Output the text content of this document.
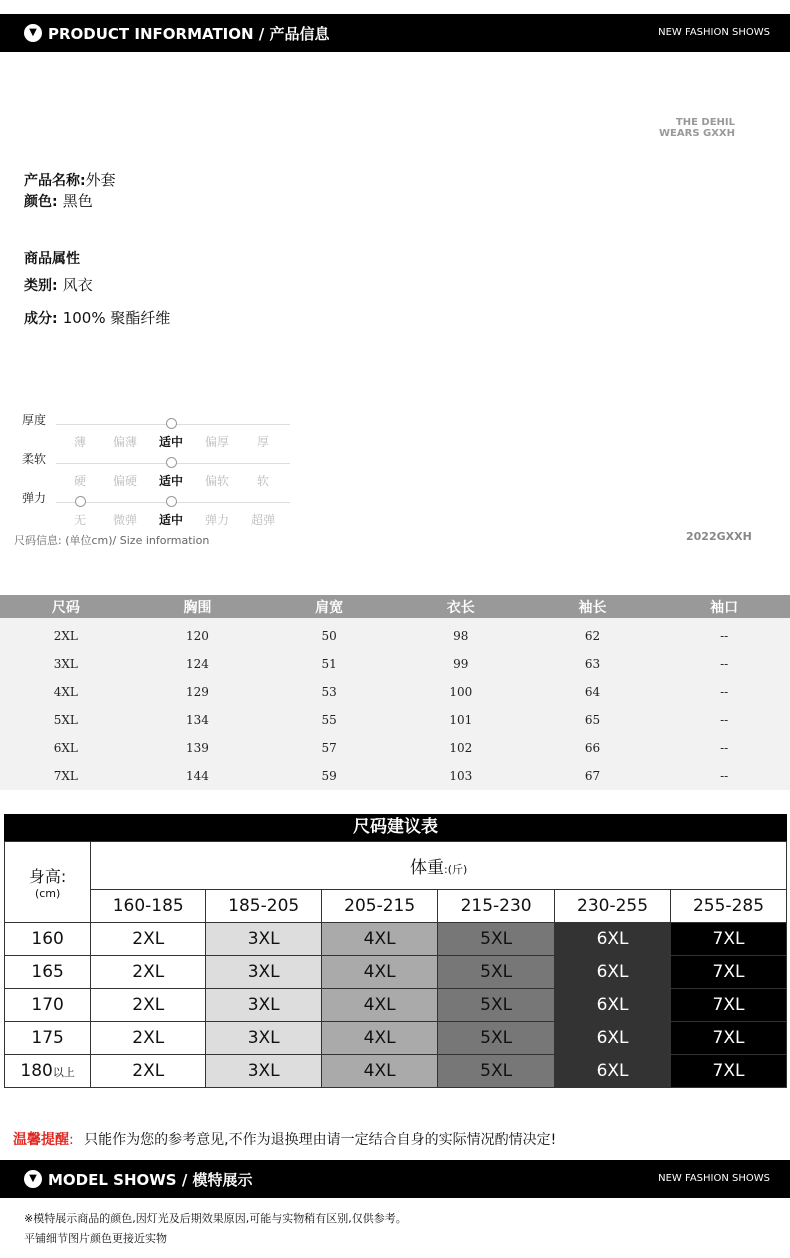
▼ PRODUCT INFORMATION / 产品信息	NEW FASHION SHOWS
THE DEHIL
WEARS GXXH
产品名称:外套
颜色: 黑色
商品属性
类别: 风衣
成分: 100% 聚酯纤维
厚度
薄	偏薄	适中	偏厚	厚
柔软
硬	偏硬	适中	偏软	软
弹力
无	微弹	适中	弹力	超弹
尺码信息: (单位cm)/ Size information	2022GXXH
尺码	胸围	肩宽	衣长	袖长	袖口
2XL	120	50	98	62	--
3XL	124	51	99	63	--
4XL	129	53	100	64	--
5XL	134	55	101	65	--
6XL	139	57	102	66	--
7XL	144	59	103	67	--
尺码建议表
身高:
(cm)	体重:(斤)					
	160-185	185-205	205-215	215-230	230-255	255-285
160	2XL	3XL	4XL	5XL	6XL	7XL
165	2XL	3XL	4XL	5XL	6XL	7XL
170	2XL	3XL	4XL	5XL	6XL	7XL
175	2XL	3XL	4XL	5XL	6XL	7XL
180以上	2XL	3XL	4XL	5XL	6XL	7XL
温馨提醒: 只能作为您的参考意见,不作为退换理由请一定结合自身的实际情况酌情决定!
▼ MODEL SHOWS / 模特展示	NEW FASHION SHOWS
※模特展示商品的颜色,因灯光及后期效果原因,可能与实物稍有区别,仅供参考。
平铺细节图片颜色更接近实物
